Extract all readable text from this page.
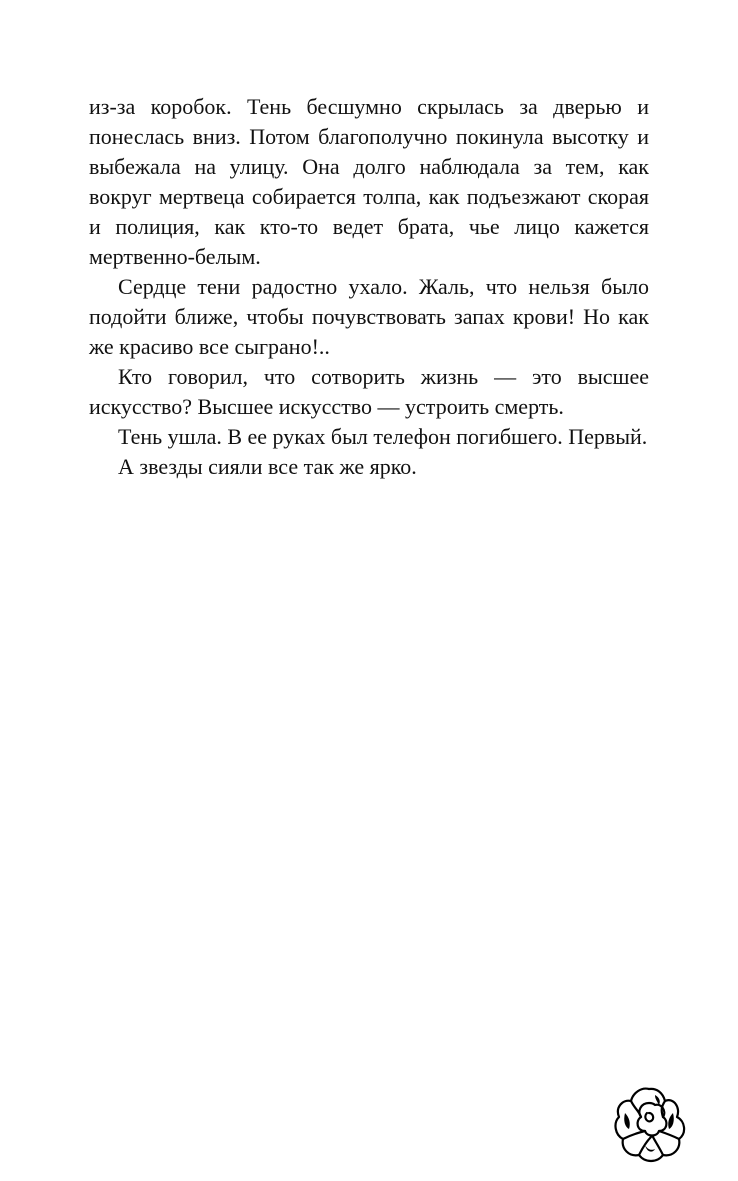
из-за коробок. Тень бесшумно скрылась за дверью и понеслась вниз. Потом благополучно покинула высотку и выбежала на улицу. Она долго наблюдала за тем, как вокруг мертвеца собирается толпа, как подъезжают скорая и полиция, как кто-то ведет брата, чье лицо кажется мертвенно-белым.

Сердце тени радостно ухало. Жаль, что нельзя было подойти ближе, чтобы почувствовать запах крови! Но как же красиво все сыграно!..

Кто говорил, что сотворить жизнь — это высшее искусство? Высшее искусство — устроить смерть.

Тень ушла. В ее руках был телефон погибшего. Первый.

А звезды сияли все так же ярко.
